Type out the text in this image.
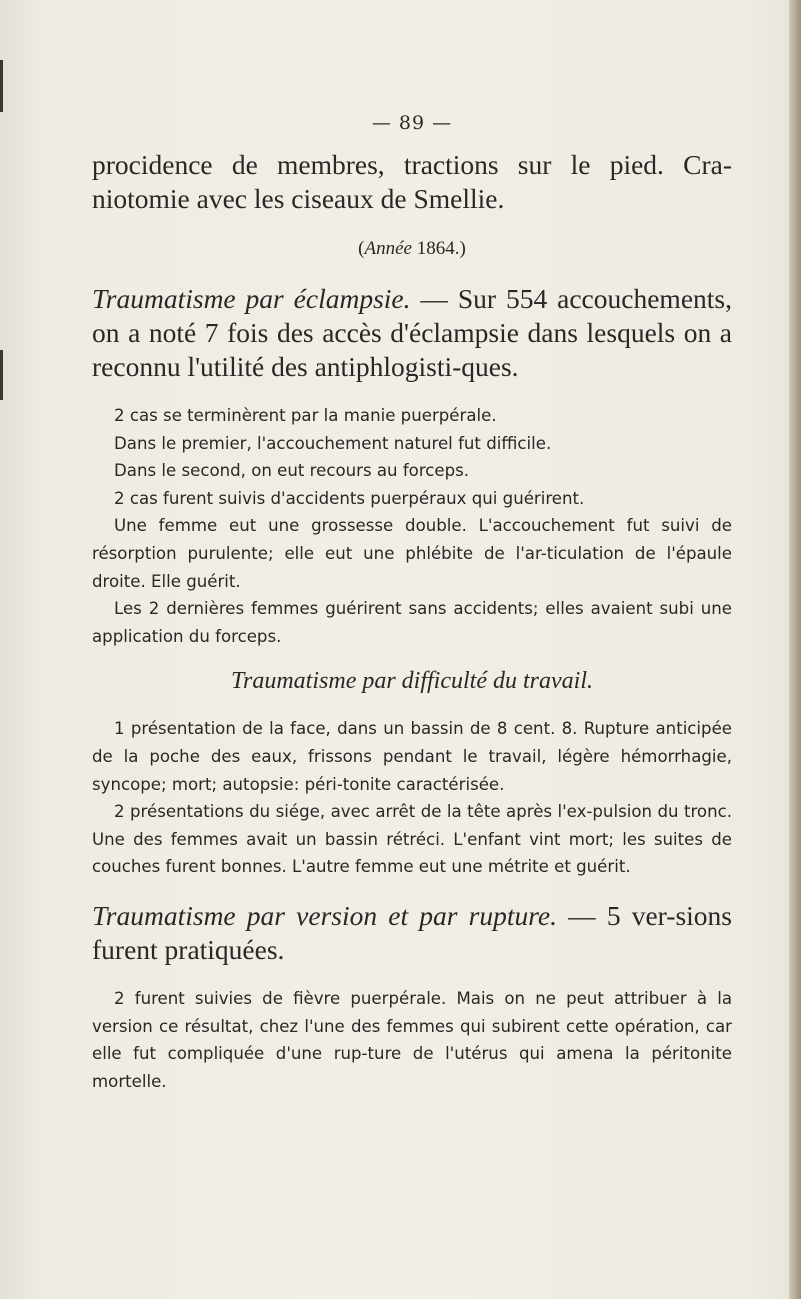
— 89 —

procidence de membres, tractions sur le pied. Cra-niotomie avec les ciseaux de Smellie.

(Année 1864.)

Traumatisme par éclampsie. — Sur 554 accouchements, on a noté 7 fois des accès d'éclampsie dans lesquels on a reconnu l'utilité des antiphlogisti-ques.

2 cas se terminèrent par la manie puerpérale.

Dans le premier, l'accouchement naturel fut difficile.

Dans le second, on eut recours au forceps.

2 cas furent suivis d'accidents puerpéraux qui guérirent.

Une femme eut une grossesse double. L'accouchement fut suivi de résorption purulente; elle eut une phlébite de l'ar-ticulation de l'épaule droite. Elle guérit.

Les 2 dernières femmes guérirent sans accidents; elles avaient subi une application du forceps.

Traumatisme par difficulté du travail.

1 présentation de la face, dans un bassin de 8 cent. 8. Rupture anticipée de la poche des eaux, frissons pendant le travail, légère hémorrhagie, syncope; mort; autopsie: péri-tonite caractérisée.

2 présentations du siége, avec arrêt de la tête après l'ex-pulsion du tronc. Une des femmes avait un bassin rétréci. L'enfant vint mort; les suites de couches furent bonnes. L'autre femme eut une métrite et guérit.

Traumatisme par version et par rupture. — 5 ver-sions furent pratiquées.

2 furent suivies de fièvre puerpérale. Mais on ne peut attribuer à la version ce résultat, chez l'une des femmes qui subirent cette opération, car elle fut compliquée d'une rup-ture de l'utérus qui amena la péritonite mortelle.
